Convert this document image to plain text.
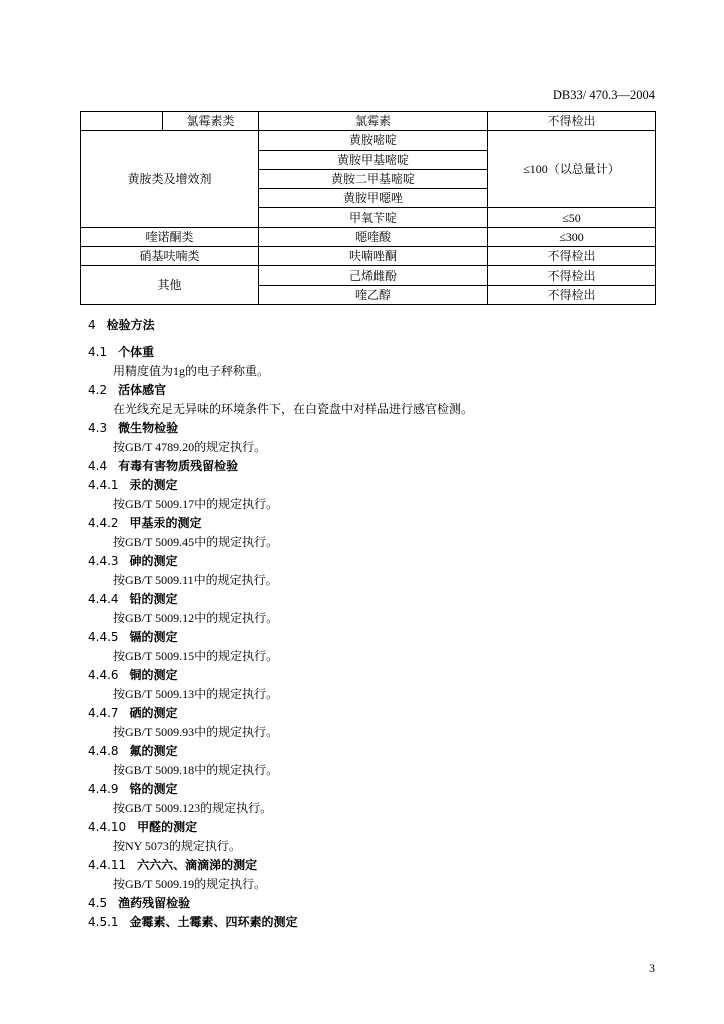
DB33/ 470.3—2004
	氯霉素类	氯霉素	不得检出
黄胺类及增效剂		黄胺嘧啶	≤100（以总量计）
		黄胺甲基嘧啶	
		黄胺二甲基嘧啶	
		黄胺甲噁唑	
		甲氧苄啶	≤50
喹诺酮类		噁喹酸	≤300
硝基呋喃类		呋喃唑酮	不得检出
其他		己烯雌酚	不得检出
		喹乙醇	不得检出
4 检验方法
4.1 个体重
用精度值为1g的电子秤称重。
4.2 活体感官
在光线充足无异味的环境条件下，在白瓷盘中对样品进行感官检测。
4.3 微生物检验
按GB/T 4789.20的规定执行。
4.4 有毒有害物质残留检验
4.4.1 汞的测定
按GB/T 5009.17中的规定执行。
4.4.2 甲基汞的测定
按GB/T 5009.45中的规定执行。
4.4.3 砷的测定
按GB/T 5009.11中的规定执行。
4.4.4 铅的测定
按GB/T 5009.12中的规定执行。
4.4.5 镉的测定
按GB/T 5009.15中的规定执行。
4.4.6 铜的测定
按GB/T 5009.13中的规定执行。
4.4.7 硒的测定
按GB/T 5009.93中的规定执行。
4.4.8 氟的测定
按GB/T 5009.18中的规定执行。
4.4.9 铬的测定
按GB/T 5009.123的规定执行。
4.4.10 甲醛的测定
按NY 5073的规定执行。
4.4.11 六六六、滴滴涕的测定
按GB/T 5009.19的规定执行。
4.5 渔药残留检验
4.5.1 金霉素、土霉素、四环素的测定
3
